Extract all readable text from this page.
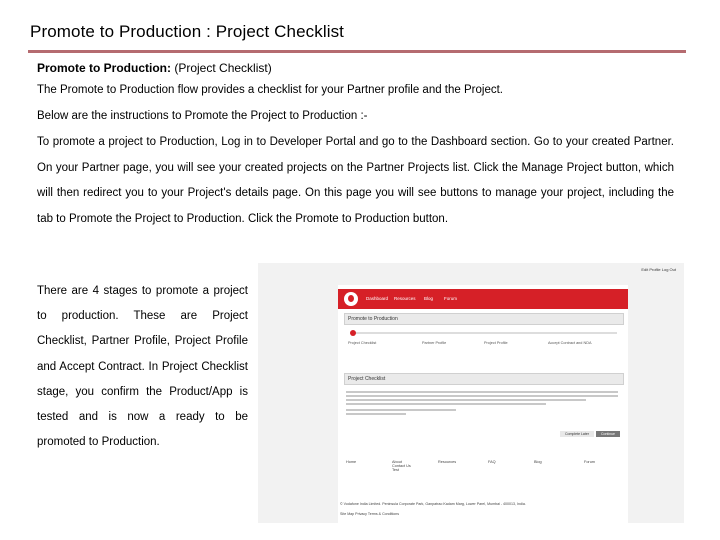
Promote to Production : Project Checklist
Promote to Production: (Project Checklist)
The Promote to Production flow provides a checklist for your Partner profile and the Project.
Below are the instructions to Promote the Project to Production :-
To promote a project to Production, Log in to Developer Portal and go to the Dashboard section. Go to your created Partner. On your Partner page, you will see your created projects on the Partner Projects list. Click the Manage Project button, which will then redirect you to your Project's details page. On this page you will see buttons to manage your project, including the tab to Promote the Project to Production. Click the Promote to Production button.
There are 4 stages to promote a project to production. These are Project Checklist, Partner Profile, Project Profile and Accept Contract. In Project Checklist stage, you confirm the Product/App is tested and is now a ready to be promoted to Production.
Edit Profile Log Out
Dashboard Resources Blog Forum
Promote to Production
Project Checklist	Partner Profile	Project Profile	Accept Contract and NDA
Project Checklist
Complete Later	Continue
Home	About Contact Us Test
Resources	FAQ	Blog	Forum
© Vodafone India Limited. Peninsula Corporate Park, Ganpatrao Kadam Marg, Lower Parel, Mumbai - 400013, India.
Site Map Privacy Terms & Conditions
